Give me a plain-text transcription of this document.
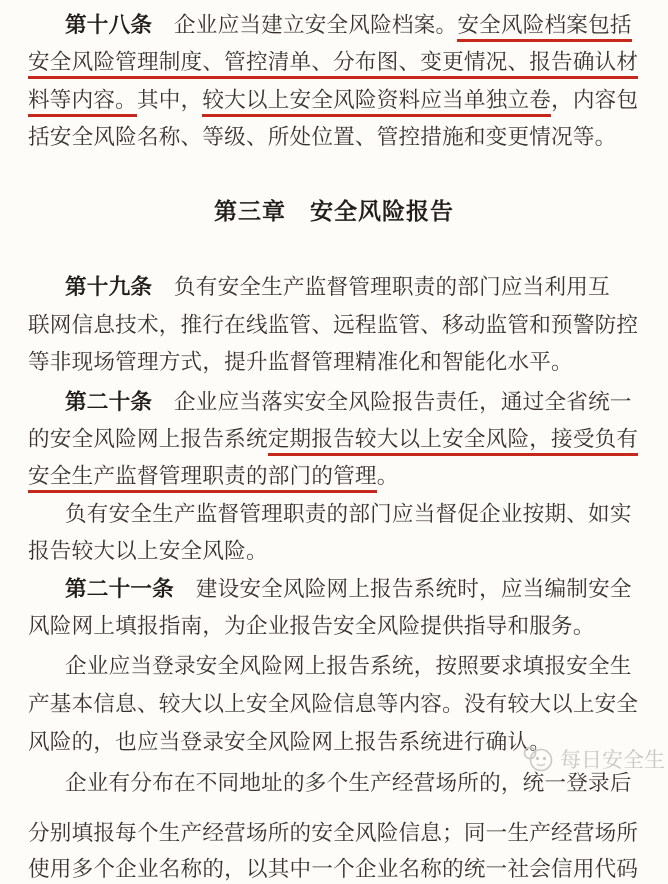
第十八条　企业应当建立安全风险档案。安全风险档案包括
安全风险管理制度、管控清单、分布图、变更情况、报告确认材
料等内容。其中，较大以上安全风险资料应当单独立卷，内容包
括安全风险名称、等级、所处位置、管控措施和变更情况等。
第三章　安全风险报告
第十九条　负有安全生产监督管理职责的部门应当利用互
联网信息技术，推行在线监管、远程监管、移动监管和预警防控
等非现场管理方式，提升监督管理精准化和智能化水平。
第二十条　企业应当落实安全风险报告责任，通过全省统一
的安全风险网上报告系统定期报告较大以上安全风险，接受负有
安全生产监督管理职责的部门的管理。
负有安全生产监督管理职责的部门应当督促企业按期、如实
报告较大以上安全风险。
第二十一条　建设安全风险网上报告系统时，应当编制安全
风险网上填报指南，为企业报告安全风险提供指导和服务。
企业应当登录安全风险网上报告系统，按照要求填报安全生
产基本信息、较大以上安全风险信息等内容。没有较大以上安全
风险的，也应当登录安全风险网上报告系统进行确认。
企业有分布在不同地址的多个生产经营场所的，统一登录后
分别填报每个生产经营场所的安全风险信息；同一生产经营场所
使用多个企业名称的，以其中一个企业名称的统一社会信用代码
每日安全生
